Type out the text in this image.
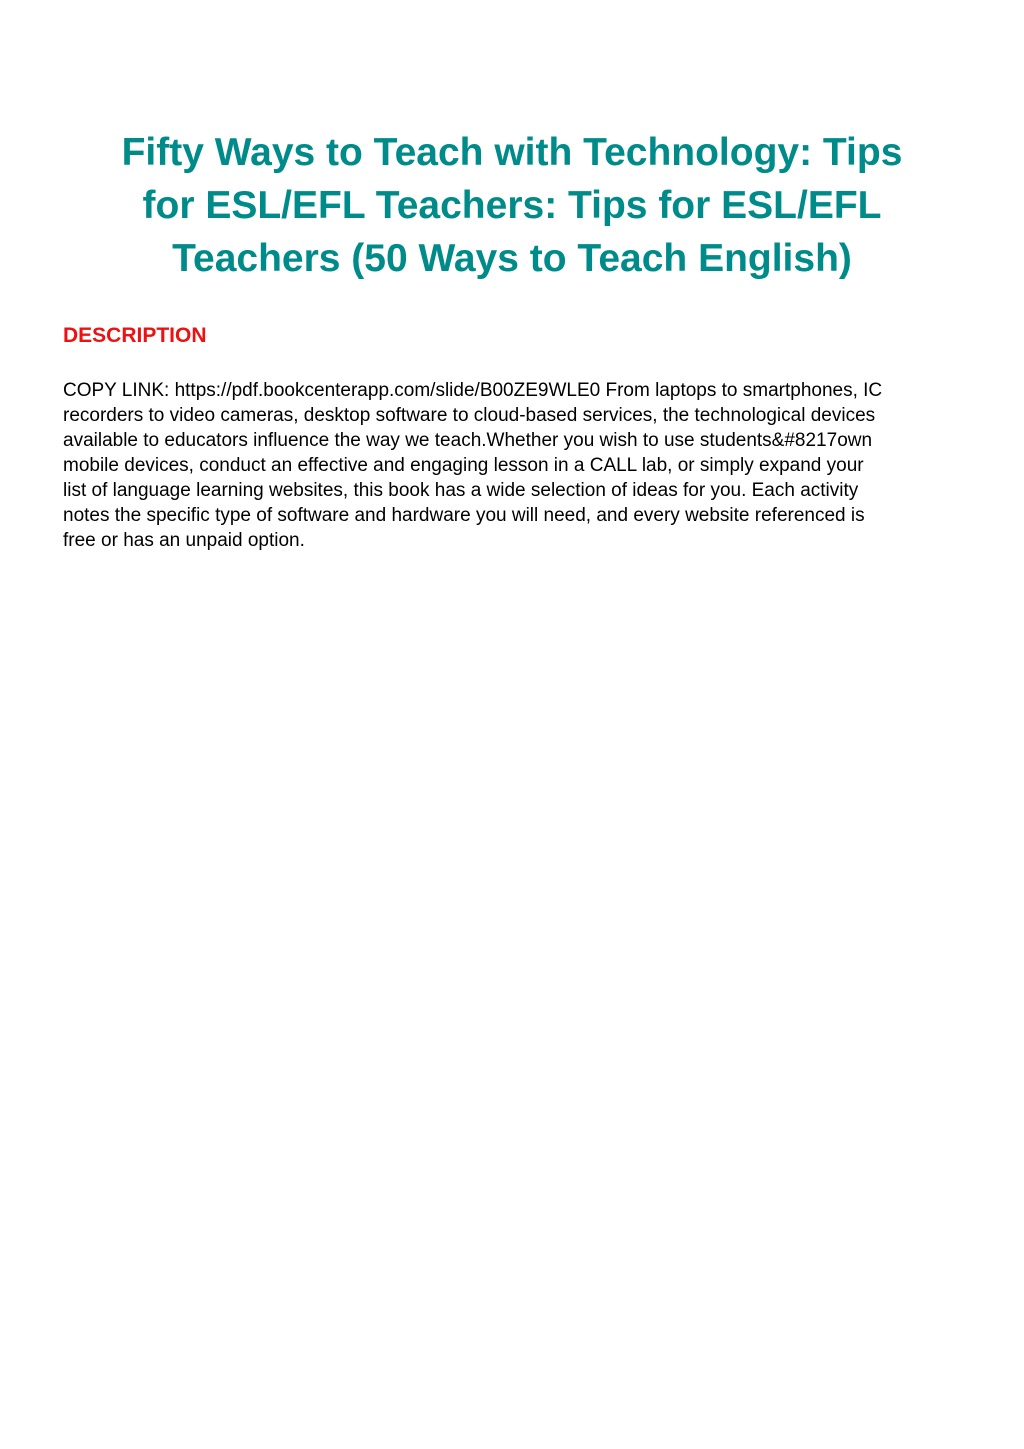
Fifty Ways to Teach with Technology: Tips
for ESL/EFL Teachers: Tips for ESL/EFL
Teachers (50 Ways to Teach English)
DESCRIPTION

COPY LINK: https://pdf.bookcenterapp.com/slide/B00ZE9WLE0 From laptops to smartphones, IC
recorders to video cameras, desktop software to cloud-based services, the technological devices
available to educators influence the way we teach.Whether you wish to use students&#8217own
mobile devices, conduct an effective and engaging lesson in a CALL lab, or simply expand your
list of language learning websites, this book has a wide selection of ideas for you. Each activity
notes the specific type of software and hardware you will need, and every website referenced is
free or has an unpaid option.
